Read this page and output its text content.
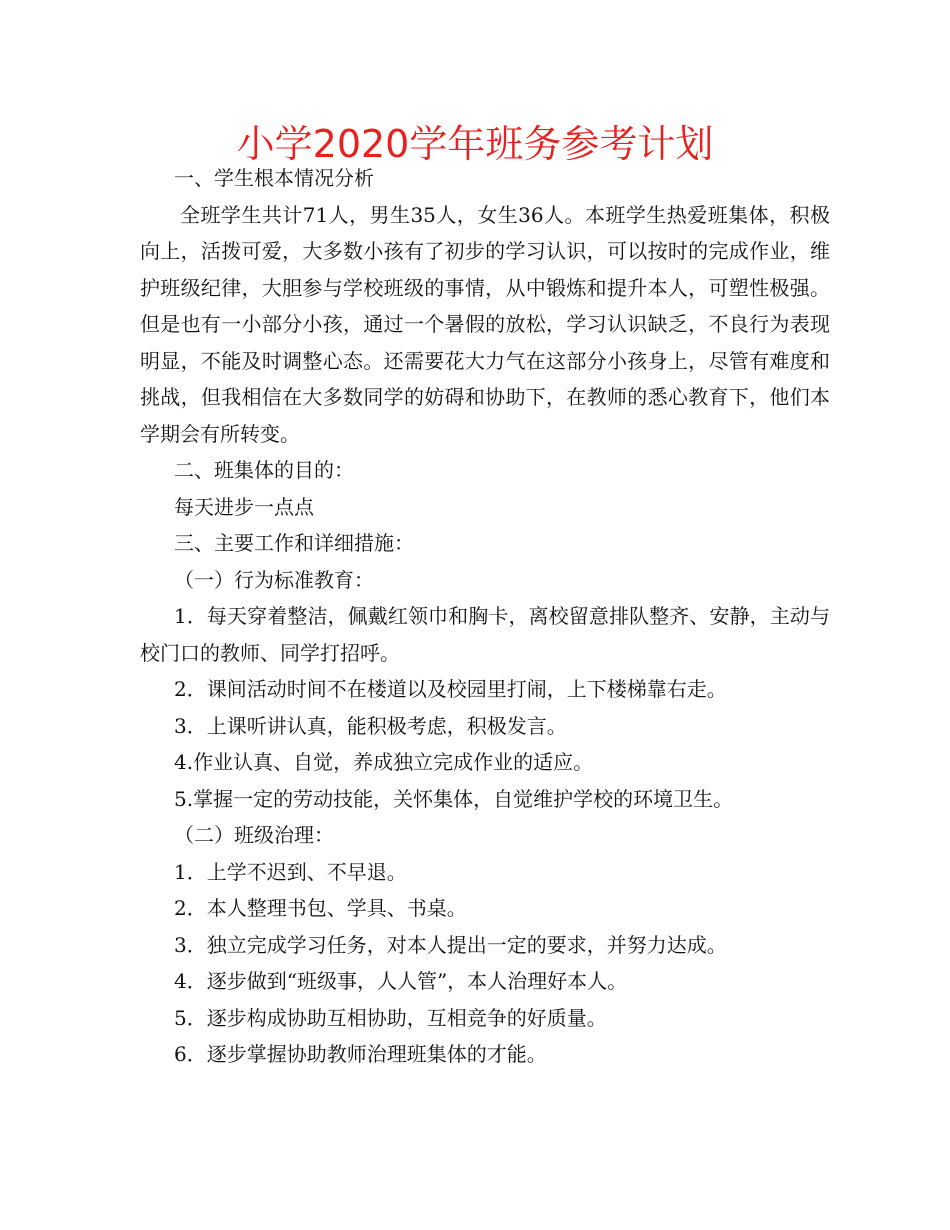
小学2020学年班务参考计划

一、学生根本情况分析

全班学生共计71人，男生35人，女生36人。本班学生热爱班集体，积极向上，活拨可爱，大多数小孩有了初步的学习认识，可以按时的完成作业，维护班级纪律，大胆参与学校班级的事情，从中锻炼和提升本人，可塑性极强。但是也有一小部分小孩，通过一个暑假的放松，学习认识缺乏，不良行为表现明显，不能及时调整心态。还需要花大力气在这部分小孩身上，尽管有难度和挑战，但我相信在大多数同学的妨碍和协助下，在教师的悉心教育下，他们本学期会有所转变。

二、班集体的目的：

每天进步一点点

三、主要工作和详细措施：

（一）行为标准教育：

1．每天穿着整洁，佩戴红领巾和胸卡，离校留意排队整齐、安静，主动与校门口的教师、同学打招呼。

2．课间活动时间不在楼道以及校园里打闹，上下楼梯靠右走。

3．上课听讲认真，能积极考虑，积极发言。

4.作业认真、自觉，养成独立完成作业的适应。

5.掌握一定的劳动技能，关怀集体，自觉维护学校的环境卫生。

（二）班级治理：

1．上学不迟到、不早退。

2．本人整理书包、学具、书桌。

3．独立完成学习任务，对本人提出一定的要求，并努力达成。

4．逐步做到“班级事，人人管”，本人治理好本人。

5．逐步构成协助互相协助，互相竞争的好质量。

6．逐步掌握协助教师治理班集体的才能。
